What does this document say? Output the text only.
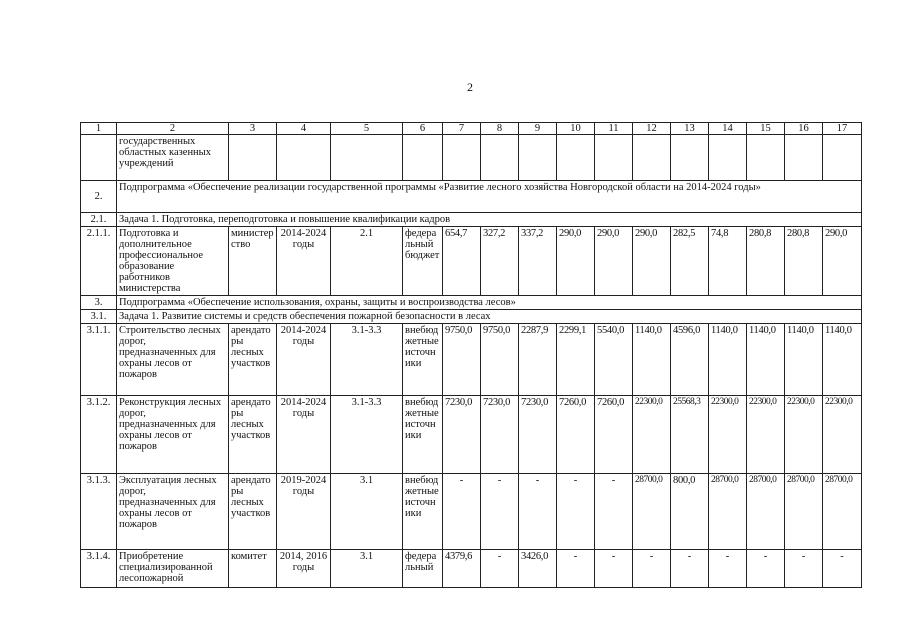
2
1	2	3	4	5	6	7	8	9	10	11	12	13	14	15	16	17
	государственных областных казенных учреждений															
2.	Подпрограмма «Обеспечение реализации государственной программы «Развитие лесного хозяйства Новгородской области на 2014-2024 годы»															
2.1.	Задача 1. Подготовка, переподготовка и повышение квалификации кадров															
2.1.1.	Подготовка и дополнительное профессиональное образование работников министерства	министерство	2014-2024 годы	2.1	федеральный бюджет	654,7	327,2	337,2	290,0	290,0	290,0	282,5	74,8	280,8	280,8	290,0
3.	Подпрограмма «Обеспечение использования, охраны, защиты и воспроизводства лесов»															
3.1.	Задача 1. Развитие системы и средств обеспечения пожарной безопасности в лесах															
3.1.1.	Строительство лесных дорог, предназначенных для охраны лесов от пожаров	арендаторы лесных участков	2014-2024 годы	3.1-3.3	внебюджетные источники	9750,0	9750,0	2287,9	2299,1	5540,0	1140,0	4596,0	1140,0	1140,0	1140,0	1140,0
3.1.2.	Реконструкция лесных дорог, предназначенных для охраны лесов от пожаров	арендаторы лесных участков	2014-2024 годы	3.1-3.3	внебюджетные источники	7230,0	7230,0	7230,0	7260,0	7260,0	22300,0	25568,3	22300,0	22300,0	22300,0	22300,0
3.1.3.	Эксплуатация лесных дорог, предназначенных для охраны лесов от пожаров	арендаторы лесных участков	2019-2024 годы	3.1	внебюджетные источники	-	-	-	-	-	28700,0	800,0	28700,0	28700,0	28700,0	28700,0
3.1.4.	Приобретение специализированной лесопожарной	комитет	2014, 2016 годы	3.1	федеральный	4379,6	-	3426,0	-	-	-	-	-	-	-	-
